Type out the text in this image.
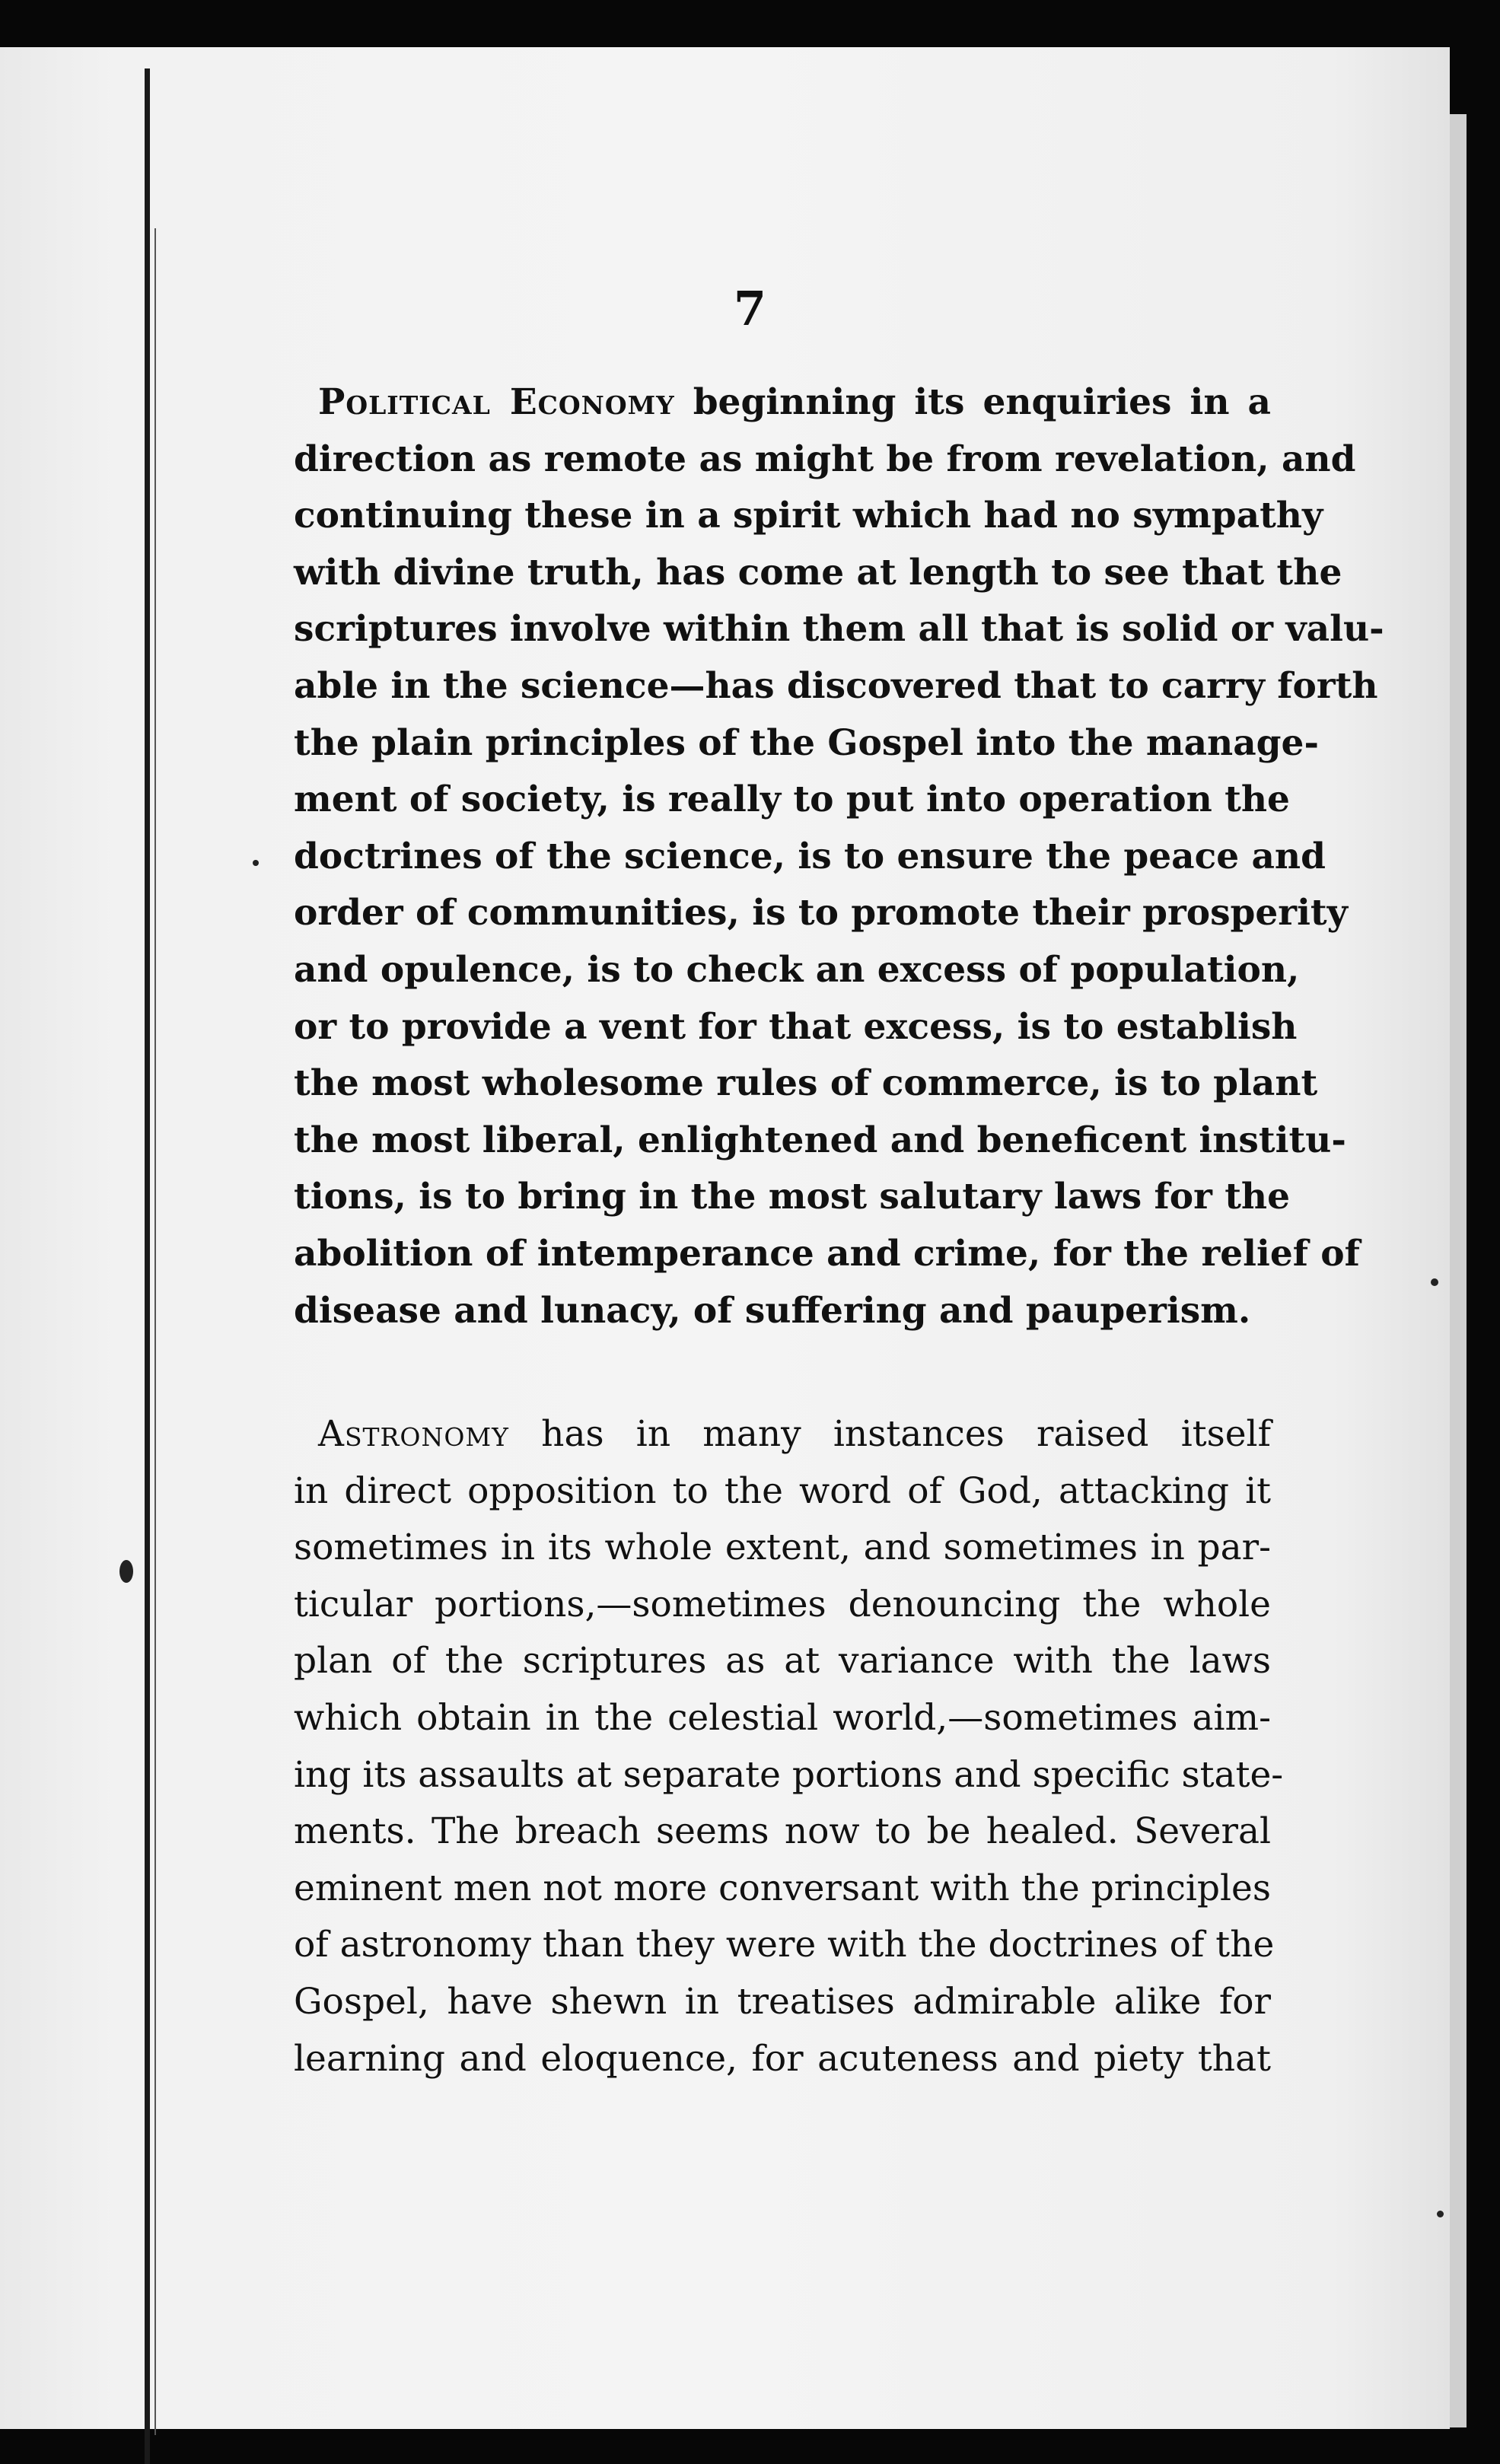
7
Political Economy beginning its enquiries in a
direction as remote as might be from revelation, and
continuing these in a spirit which had no sympathy
with divine truth, has come at length to see that the
scriptures involve within them all that is solid or valu-
able in the science—has discovered that to carry forth
the plain principles of the Gospel into the manage-
ment of society, is really to put into operation the
doctrines of the science, is to ensure the peace and
order of communities, is to promote their prosperity
and opulence, is to check an excess of population,
or to provide a vent for that excess, is to establish
the most wholesome rules of commerce, is to plant
the most liberal, enlightened and beneficent institu-
tions, is to bring in the most salutary laws for the
abolition of intemperance and crime, for the relief of
disease and lunacy, of suffering and pauperism.
Astronomy has in many instances raised itself
in direct opposition to the word of God, attacking it
sometimes in its whole extent, and sometimes in par-
ticular portions,—sometimes denouncing the whole
plan of the scriptures as at variance with the laws
which obtain in the celestial world,—sometimes aim-
ing its assaults at separate portions and specific state-
ments. The breach seems now to be healed. Several
eminent men not more conversant with the principles
of astronomy than they were with the doctrines of the
Gospel, have shewn in treatises admirable alike for
learning and eloquence, for acuteness and piety that
